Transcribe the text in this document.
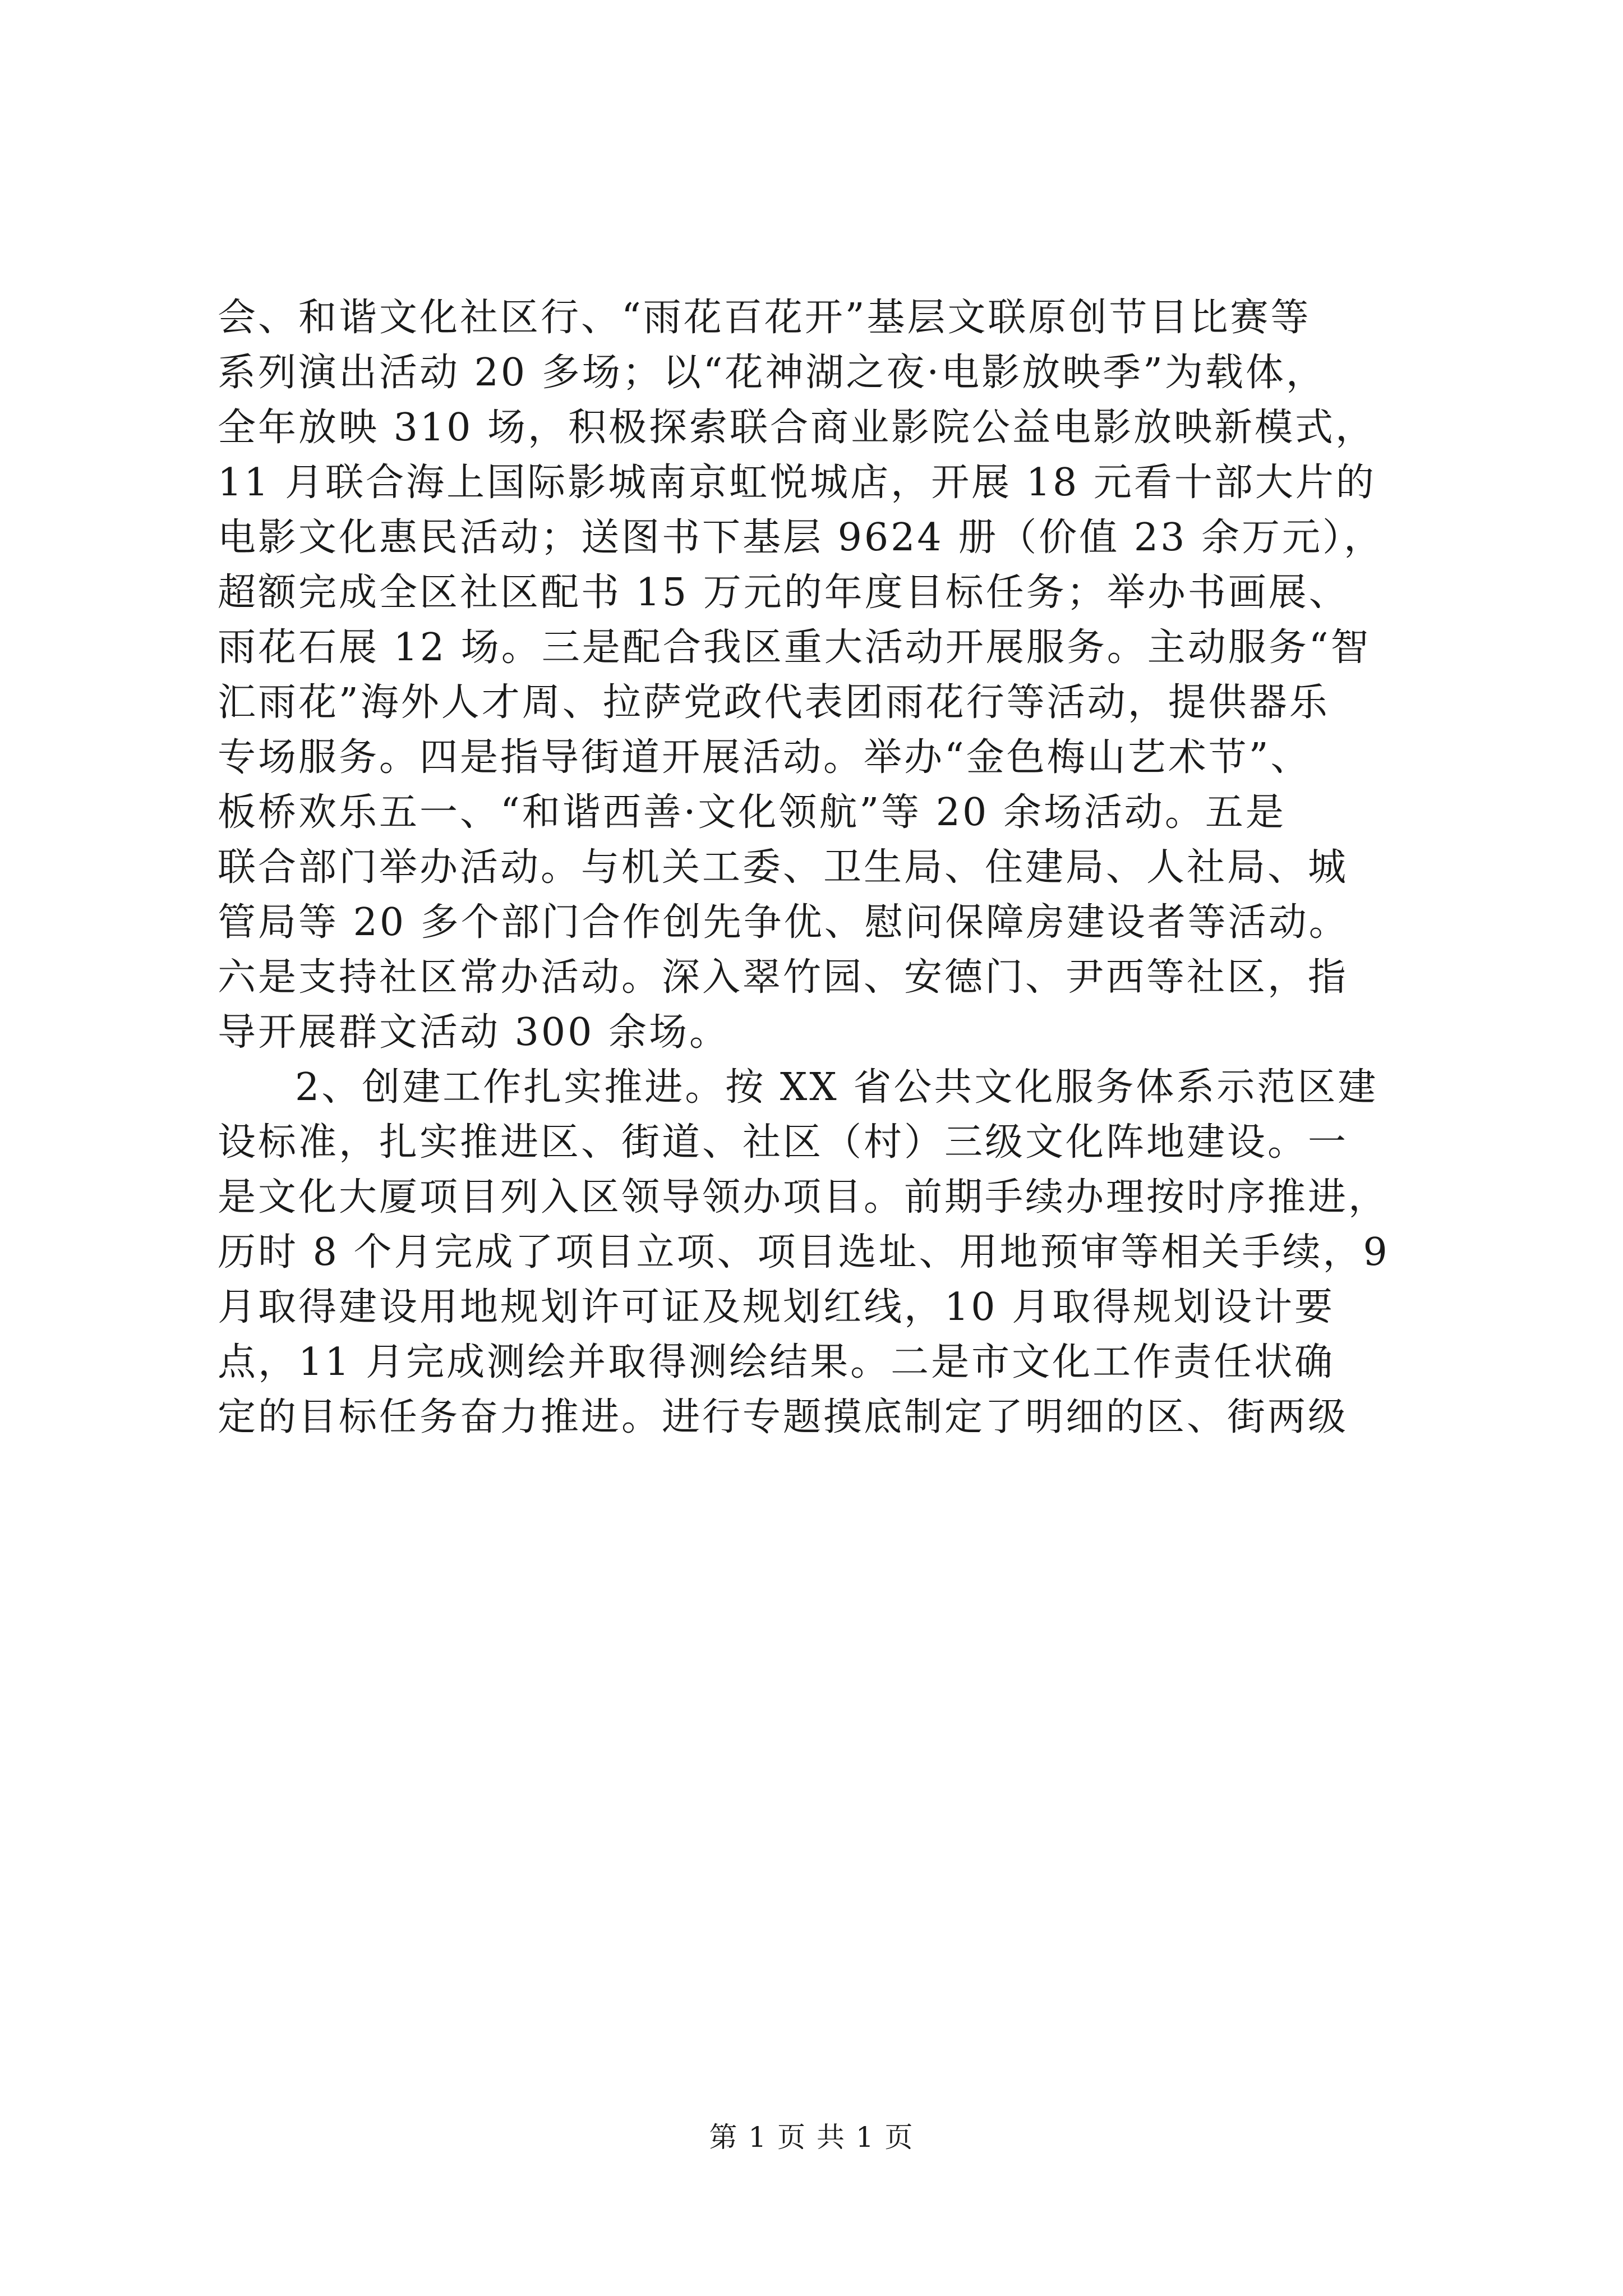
会、和谐文化社区行、“雨花百花开”基层文联原创节目比赛等
系列演出活动 20 多场；以“花神湖之夜·电影放映季”为载体，
全年放映 310 场，积极探索联合商业影院公益电影放映新模式，
11 月联合海上国际影城南京虹悦城店，开展 18 元看十部大片的
电影文化惠民活动；送图书下基层 9624 册（价值 23 余万元），
超额完成全区社区配书 15 万元的年度目标任务；举办书画展、
雨花石展 12 场。三是配合我区重大活动开展服务。主动服务“智
汇雨花”海外人才周、拉萨党政代表团雨花行等活动，提供器乐
专场服务。四是指导街道开展活动。举办“金色梅山艺术节”、
板桥欢乐五一、“和谐西善·文化领航”等 20 余场活动。五是
联合部门举办活动。与机关工委、卫生局、住建局、人社局、城
管局等 20 多个部门合作创先争优、慰问保障房建设者等活动。
六是支持社区常办活动。深入翠竹园、安德门、尹西等社区，指
导开展群文活动 300 余场。
2、创建工作扎实推进。按 XX 省公共文化服务体系示范区建
设标准，扎实推进区、街道、社区（村）三级文化阵地建设。一
是文化大厦项目列入区领导领办项目。前期手续办理按时序推进，
历时 8 个月完成了项目立项、项目选址、用地预审等相关手续，9
月取得建设用地规划许可证及规划红线，10 月取得规划设计要
点，11 月完成测绘并取得测绘结果。二是市文化工作责任状确
定的目标任务奋力推进。进行专题摸底制定了明细的区、街两级
第 1 页 共 1 页
